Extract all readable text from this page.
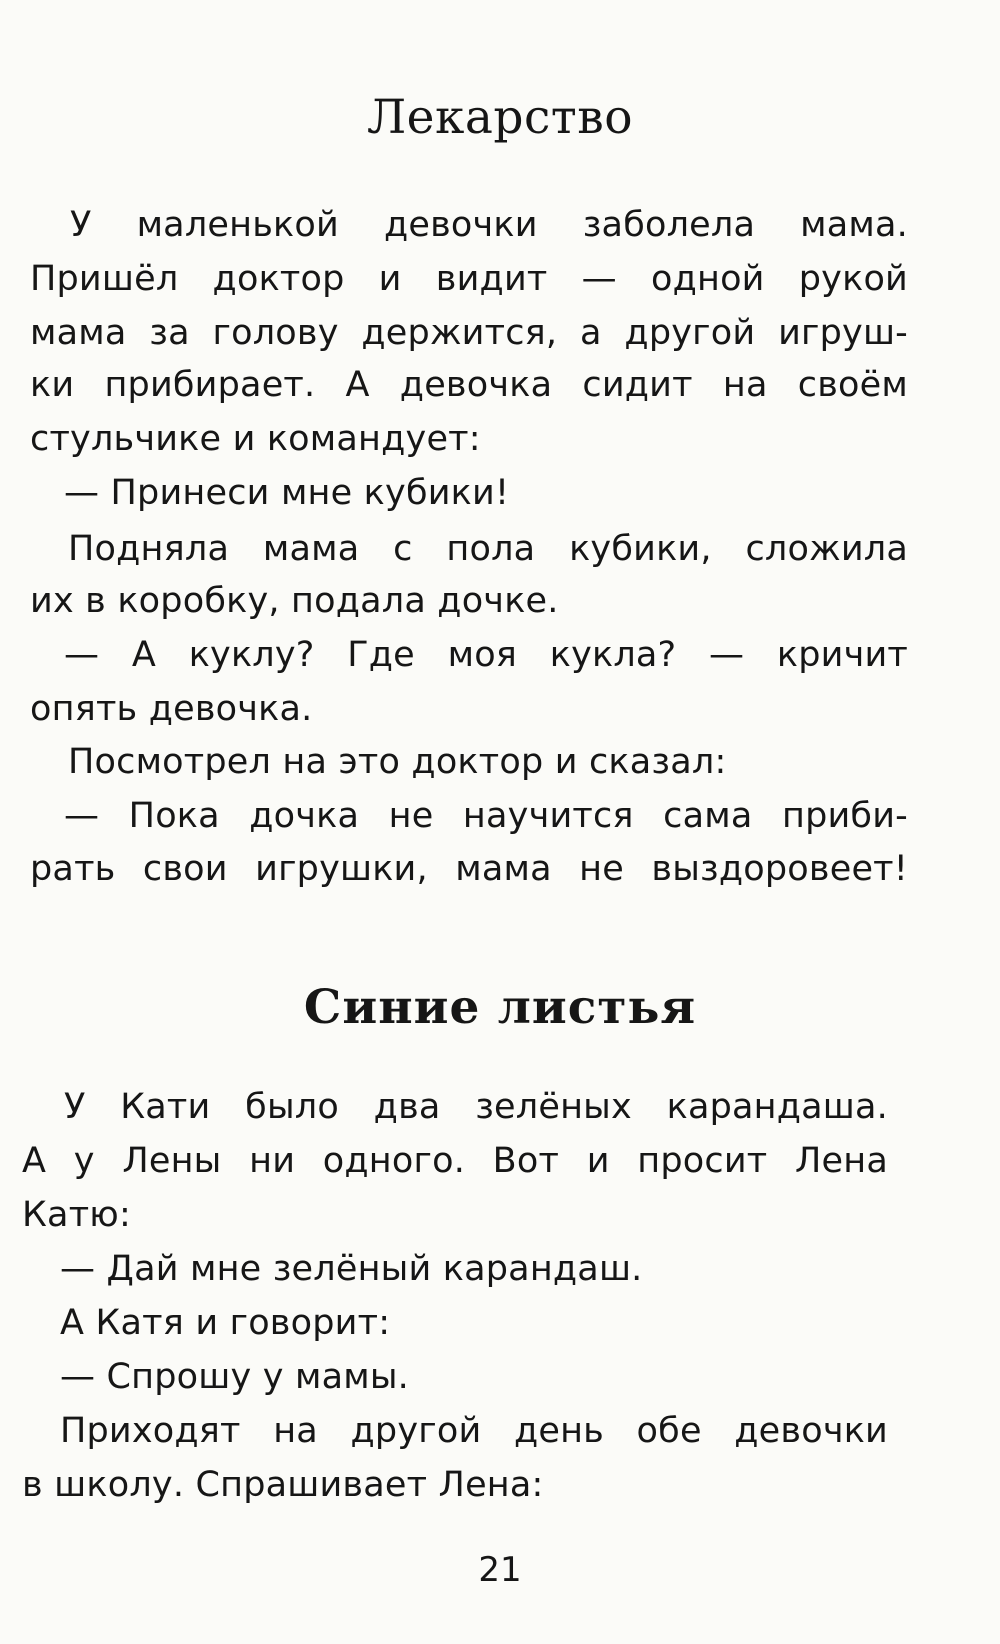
Лекарство
У маленькой девочки заболела мама.
Пришёл доктор и видит — одной рукой
мама за голову держится, а другой игруш-
ки прибирает. А девочка сидит на своём
стульчике и командует:
— Принеси мне кубики!
Подняла мама с пола кубики, сложила
их в коробку, подала дочке.
— А куклу? Где моя кукла? — кричит
опять девочка.
Посмотрел на это доктор и сказал:
— Пока дочка не научится сама приби-
рать свои игрушки, мама не выздоровеет!
Синие листья
У Кати было два зелёных карандаша.
А у Лены ни одного. Вот и просит Лена
Катю:
— Дай мне зелёный карандаш.
А Катя и говорит:
— Спрошу у мамы.
Приходят на другой день обе девочки
в школу. Спрашивает Лена:
21
